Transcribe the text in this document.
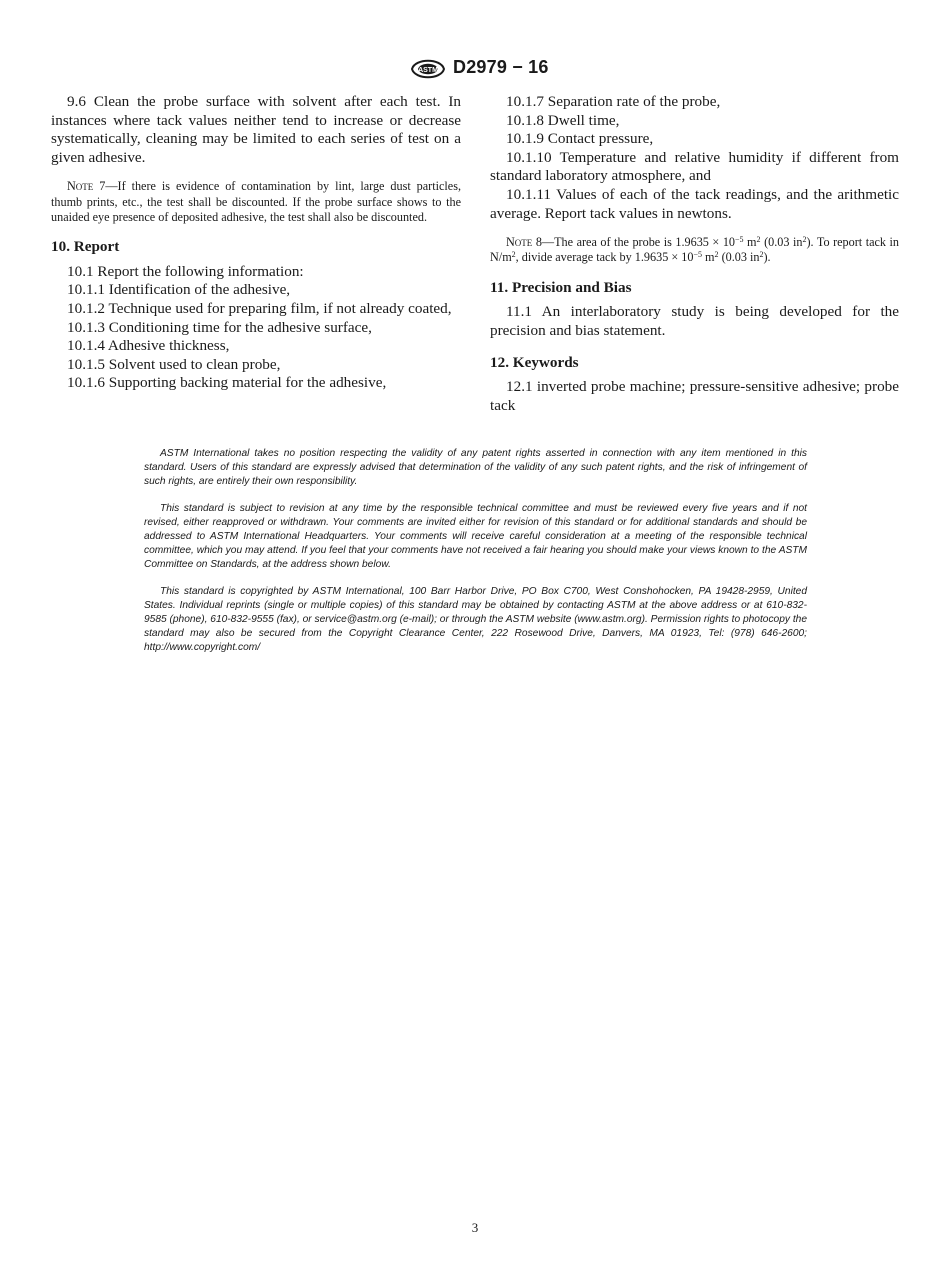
ASTM D2979 − 16

9.6 Clean the probe surface with solvent after each test. In instances where tack values neither tend to increase or decrease systematically, cleaning may be limited to each series of test on a given adhesive.

Note 7—If there is evidence of contamination by lint, large dust particles, thumb prints, etc., the test shall be discounted. If the probe surface shows to the unaided eye presence of deposited adhesive, the test shall also be discounted.
10. Report

10.1 Report the following information:

10.1.1 Identification of the adhesive,

10.1.2 Technique used for preparing film, if not already coated,

10.1.3 Conditioning time for the adhesive surface,

10.1.4 Adhesive thickness,

10.1.5 Solvent used to clean probe,

10.1.6 Supporting backing material for the adhesive,

10.1.7 Separation rate of the probe,

10.1.8 Dwell time,

10.1.9 Contact pressure,

10.1.10 Temperature and relative humidity if different from standard laboratory atmosphere, and

10.1.11 Values of each of the tack readings, and the arithmetic average. Report tack values in newtons.

Note 8—The area of the probe is $1.9635 \times 10^{-5}$ $m^2$ (0.03 $in^2$). To report tack in $N/m^2$, divide average tack by $1.9635 \times 10^{-5}$ $m^2$ (0.03 $in^2$).
11. Precision and Bias

11.1 An interlaboratory study is being developed for the precision and bias statement.

12. Keywords

12.1 inverted probe machine; pressure-sensitive adhesive; probe tack

ASTM International takes no position respecting the validity of any patent rights asserted in connection with any item mentioned in this standard. Users of this standard are expressly advised that determination of the validity of any such patent rights, and the risk of infringement of such rights, are entirely their own responsibility.

This standard is subject to revision at any time by the responsible technical committee and must be reviewed every five years and if not revised, either reapproved or withdrawn. Your comments are invited either for revision of this standard or for additional standards and should be addressed to ASTM International Headquarters. Your comments will receive careful consideration at a meeting of the responsible technical committee, which you may attend. If you feel that your comments have not received a fair hearing you should make your views known to the ASTM Committee on Standards, at the address shown below.

This standard is copyrighted by ASTM International, 100 Barr Harbor Drive, PO Box C700, West Conshohocken, PA 19428-2959, United States. Individual reprints (single or multiple copies) of this standard may be obtained by contacting ASTM at the above address or at 610-832-9585 (phone), 610-832-9555 (fax), or service@astm.org (e-mail); or through the ASTM website (www.astm.org). Permission rights to photocopy the standard may also be secured from the Copyright Clearance Center, 222 Rosewood Drive, Danvers, MA 01923, Tel: (978) 646-2600; http://www.copyright.com/

3
